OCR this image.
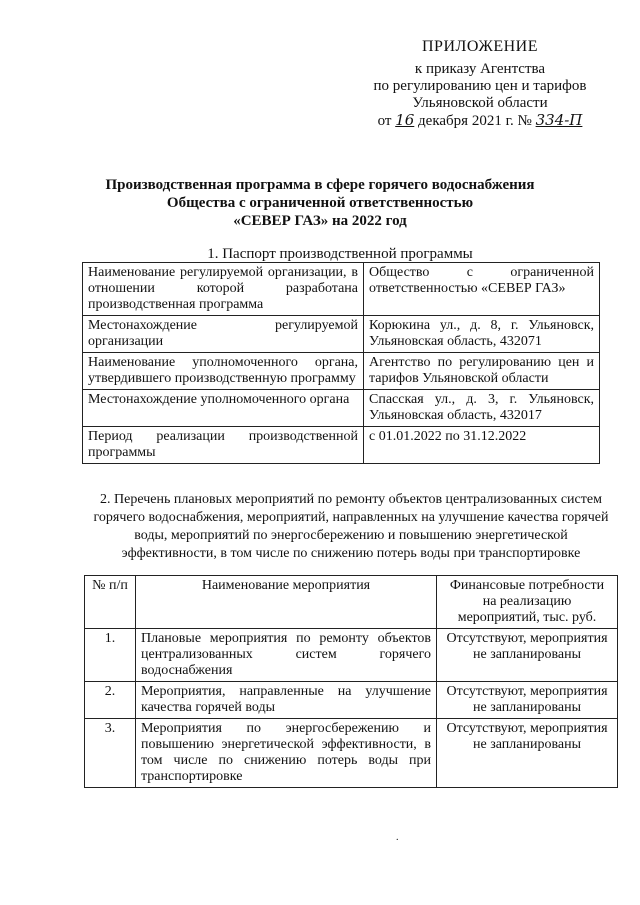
ПРИЛОЖЕНИЕ
к приказу Агентства
по регулированию цен и тарифов
Ульяновской области
от 16 декабря 2021 г. № 334-П
Производственная программа в сфере горячего водоснабжения
Общества с ограниченной ответственностью
«СЕВЕР ГАЗ» на 2022 год
1. Паспорт производственной программы
Наименование регулируемой организации, в отношении которой разработана производственная программа	Общество с ограниченной ответственностью «СЕВЕР ГАЗ»
Местонахождение регулируемой организации	Корюкина ул., д. 8, г. Ульяновск, Ульяновская область, 432071
Наименование уполномоченного органа, утвердившего производственную программу	Агентство по регулированию цен и тарифов Ульяновской области
Местонахождение уполномоченного органа	Спасская ул., д. 3, г. Ульяновск, Ульяновская область, 432017
Период реализации производственной программы	с 01.01.2022 по 31.12.2022
2. Перечень плановых мероприятий по ремонту объектов централизованных систем горячего водоснабжения, мероприятий, направленных на улучшение качества горячей воды, мероприятий по энергосбережению и повышению энергетической эффективности, в том числе по снижению потерь воды при транспортировке
№ п/п	Наименование мероприятия	Финансовые потребности на реализацию мероприятий, тыс. руб.
1.	Плановые мероприятия по ремонту объектов централизованных систем горячего водоснабжения	Отсутствуют, мероприятия не запланированы
2.	Мероприятия, направленные на улучшение качества горячей воды	Отсутствуют, мероприятия не запланированы
3.	Мероприятия по энергосбережению и повышению энергетической эффективности, в том числе по снижению потерь воды при транспортировке	Отсутствуют, мероприятия не запланированы
.
